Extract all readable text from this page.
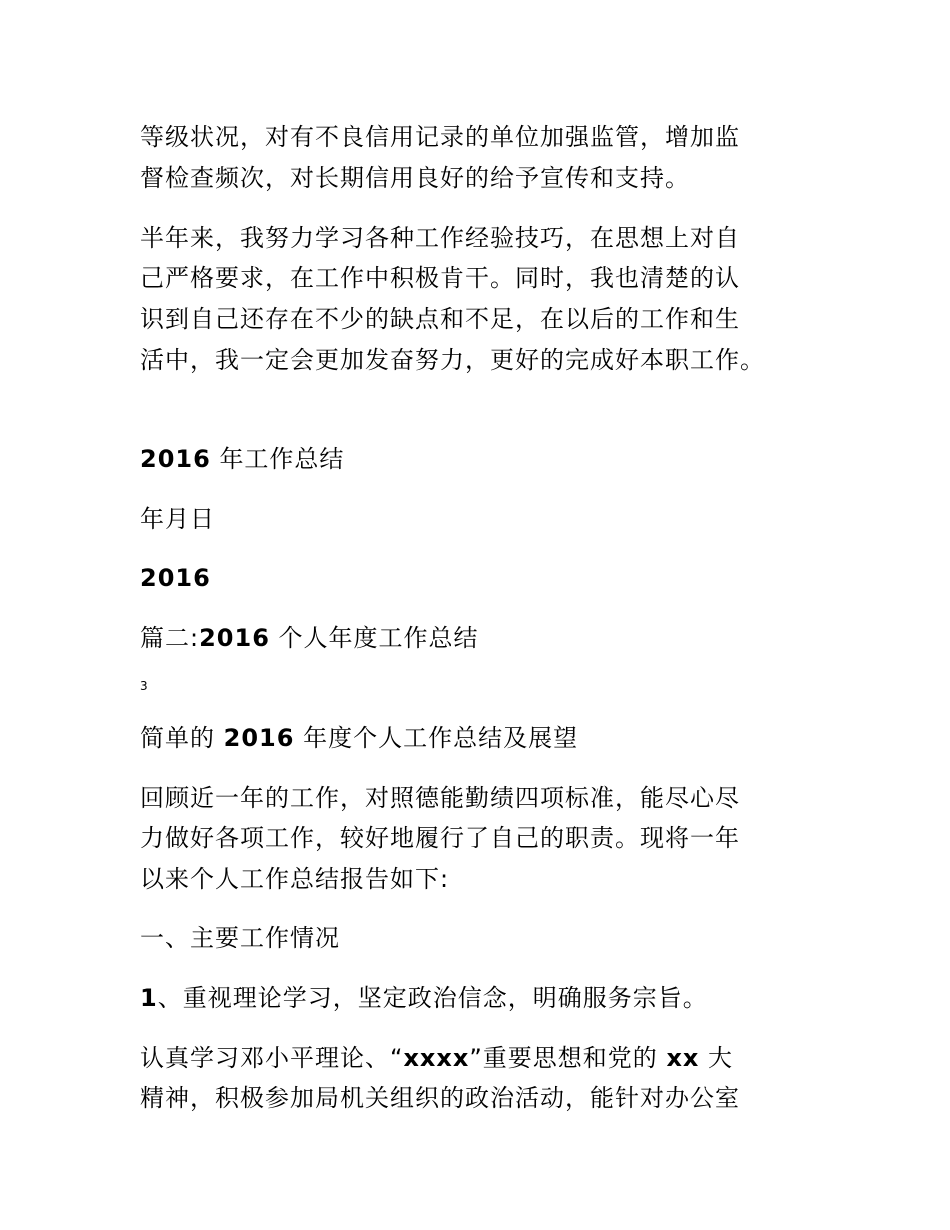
等级状况，对有不良信用记录的单位加强监管，增加监
督检查频次，对长期信用良好的给予宣传和支持。
半年来，我努力学习各种工作经验技巧，在思想上对自
己严格要求，在工作中积极肯干。同时，我也清楚的认
识到自己还存在不少的缺点和不足，在以后的工作和生
活中，我一定会更加发奋努力，更好的完成好本职工作。
2016 年工作总结
年月日
2016
篇二:2016 个人年度工作总结
3
简单的 2016 年度个人工作总结及展望
回顾近一年的工作，对照德能勤绩四项标准，能尽心尽
力做好各项工作，较好地履行了自己的职责。现将一年
以来个人工作总结报告如下:
一、主要工作情况
1、重视理论学习，坚定政治信念，明确服务宗旨。
认真学习邓小平理论、“xxxx”重要思想和党的 xx 大
精神，积极参加局机关组织的政治活动，能针对办公室
